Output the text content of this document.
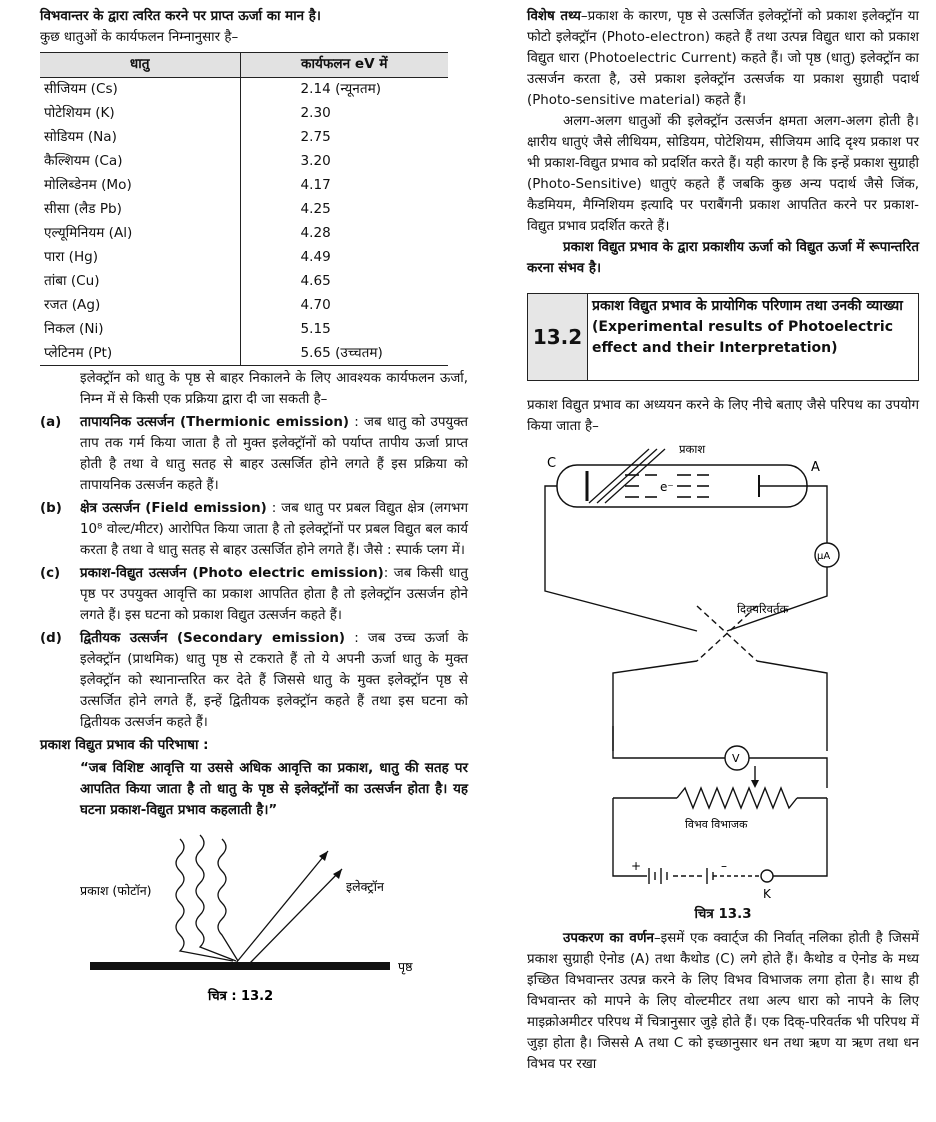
विभवान्तर के द्वारा त्वरित करने पर प्राप्त ऊर्जा का मान है।
कुछ धातुओं के कार्यफलन निम्नानुसार है–
धातु	कार्यफलन eV में
सीजियम (Cs)	2.14 (न्यूनतम)
पोटेशियम (K)	2.30
सोडियम (Na)	2.75
कैल्शियम (Ca)	3.20
मोलिब्डेनम (Mo)	4.17
सीसा (लैड Pb)	4.25
एल्यूमिनियम (Al)	4.28
पारा (Hg)	4.49
तांबा (Cu)	4.65
रजत (Ag)	4.70
निकल (Ni)	5.15
प्लेटिनम (Pt)	5.65 (उच्चतम)
इलेक्ट्रॉन को धातु के पृष्ठ से बाहर निकालने के लिए आवश्यक कार्यफलन ऊर्जा, निम्न में से किसी एक प्रक्रिया द्वारा दी जा सकती है–
(a)	तापायनिक उत्सर्जन (Thermionic emission) : जब धातु को उपयुक्त ताप तक गर्म किया जाता है तो मुक्त इलेक्ट्रॉनों को पर्याप्त तापीय ऊर्जा प्राप्त होती है तथा वे धातु सतह से बाहर उत्सर्जित होने लगते हैं इस प्रक्रिया को तापायनिक उत्सर्जन कहते हैं।
(b)	क्षेत्र उत्सर्जन (Field emission) : जब धातु पर प्रबल विद्युत क्षेत्र (लगभग 10⁸ वोल्ट/मीटर) आरोपित किया जाता है तो इलेक्ट्रॉनों पर प्रबल विद्युत बल कार्य करता है तथा वे धातु सतह से बाहर उत्सर्जित होने लगते हैं। जैसे : स्पार्क प्लग में।
(c)	प्रकाश-विद्युत उत्सर्जन (Photo electric emission): जब किसी धातु पृष्ठ पर उपयुक्त आवृत्ति का प्रकाश आपतित होता है तो इलेक्ट्रॉन उत्सर्जन होने लगते हैं। इस घटना को प्रकाश विद्युत उत्सर्जन कहते हैं।
(d)	द्वितीयक उत्सर्जन (Secondary emission) : जब उच्च ऊर्जा के इलेक्ट्रॉन (प्राथमिक) धातु पृष्ठ से टकराते हैं तो ये अपनी ऊर्जा धातु के मुक्त इलेक्ट्रॉन को स्थानान्तरित कर देते हैं जिससे धातु के मुक्त इलेक्ट्रॉन पृष्ठ से उत्सर्जित होने लगते हैं, इन्हें द्वितीयक इलेक्ट्रॉन कहते हैं तथा इस घटना को द्वितीयक उत्सर्जन कहते हैं।
प्रकाश विद्युत प्रभाव की परिभाषा :
“जब विशिष्ट आवृत्ति या उससे अधिक आवृत्ति का प्रकाश, धातु की सतह पर आपतित किया जाता है तो धातु के पृष्ठ से इलेक्ट्रॉनों का उत्सर्जन होता है। यह घटना प्रकाश-विद्युत प्रभाव कहलाती है।”
प्रकाश (फोटॉन)	इलेक्ट्रॉन
पृष्ठ
चित्र : 13.2
विशेष तथ्य–प्रकाश के कारण, पृष्ठ से उत्सर्जित इलेक्ट्रॉनों को प्रकाश इलेक्ट्रॉन या फोटो इलेक्ट्रॉन (Photo-electron) कहते हैं तथा उत्पन्न विद्युत धारा को प्रकाश विद्युत धारा (Photoelectric Current) कहते हैं। जो पृष्ठ (धातु) इलेक्ट्रॉन का उत्सर्जन करता है, उसे प्रकाश इलेक्ट्रॉन उत्सर्जक या प्रकाश सुग्राही पदार्थ (Photo-sensitive material) कहते हैं।
अलग-अलग धातुओं की इलेक्ट्रॉन उत्सर्जन क्षमता अलग-अलग होती है। क्षारीय धातुएं जैसे लीथियम, सोडियम, पोटेशियम, सीजियम आदि दृश्य प्रकाश पर भी प्रकाश-विद्युत प्रभाव को प्रदर्शित करते हैं। यही कारण है कि इन्हें प्रकाश सुग्राही (Photo-Sensitive) धातुएं कहते हैं जबकि कुछ अन्य पदार्थ जैसे जिंक, कैडमियम, मैग्निशियम इत्यादि पर पराबैंगनी प्रकाश आपतित करने पर प्रकाश-विद्युत प्रभाव प्रदर्शित करते हैं।
प्रकाश विद्युत प्रभाव के द्वारा प्रकाशीय ऊर्जा को विद्युत ऊर्जा में रूपान्तरित करना संभव है।
13.2
प्रकाश विद्युत प्रभाव के प्रायोगिक परिणाम तथा उनकी व्याख्या (Experimental results of Photoelectric effect and their Interpretation)
प्रकाश विद्युत प्रभाव का अध्ययन करने के लिए नीचे बताए जैसे परिपथ का उपयोग किया जाता है–
प्रकाश
e⁻
C	A
μA
दिक्परिवर्तक
V
विभव विभाजक
+	–
K
चित्र 13.3
उपकरण का वर्णन–इसमें एक क्वार्ट्ज की निर्वात् नलिका होती है जिसमें प्रकाश सुग्राही ऐनोड (A) तथा कैथोड (C) लगे होते हैं। कैथोड व ऐनोड के मध्य इच्छित विभवान्तर उत्पन्न करने के लिए विभव विभाजक लगा होता है। साथ ही विभवान्तर को मापने के लिए वोल्टमीटर तथा अल्प धारा को नापने के लिए माइक्रोअमीटर परिपथ में चित्रानुसार जुड़े होते हैं। एक दिक्-परिवर्तक भी परिपथ में जुड़ा होता है। जिससे A तथा C को इच्छानुसार धन तथा ऋण या ऋण तथा धन विभव पर रखा
